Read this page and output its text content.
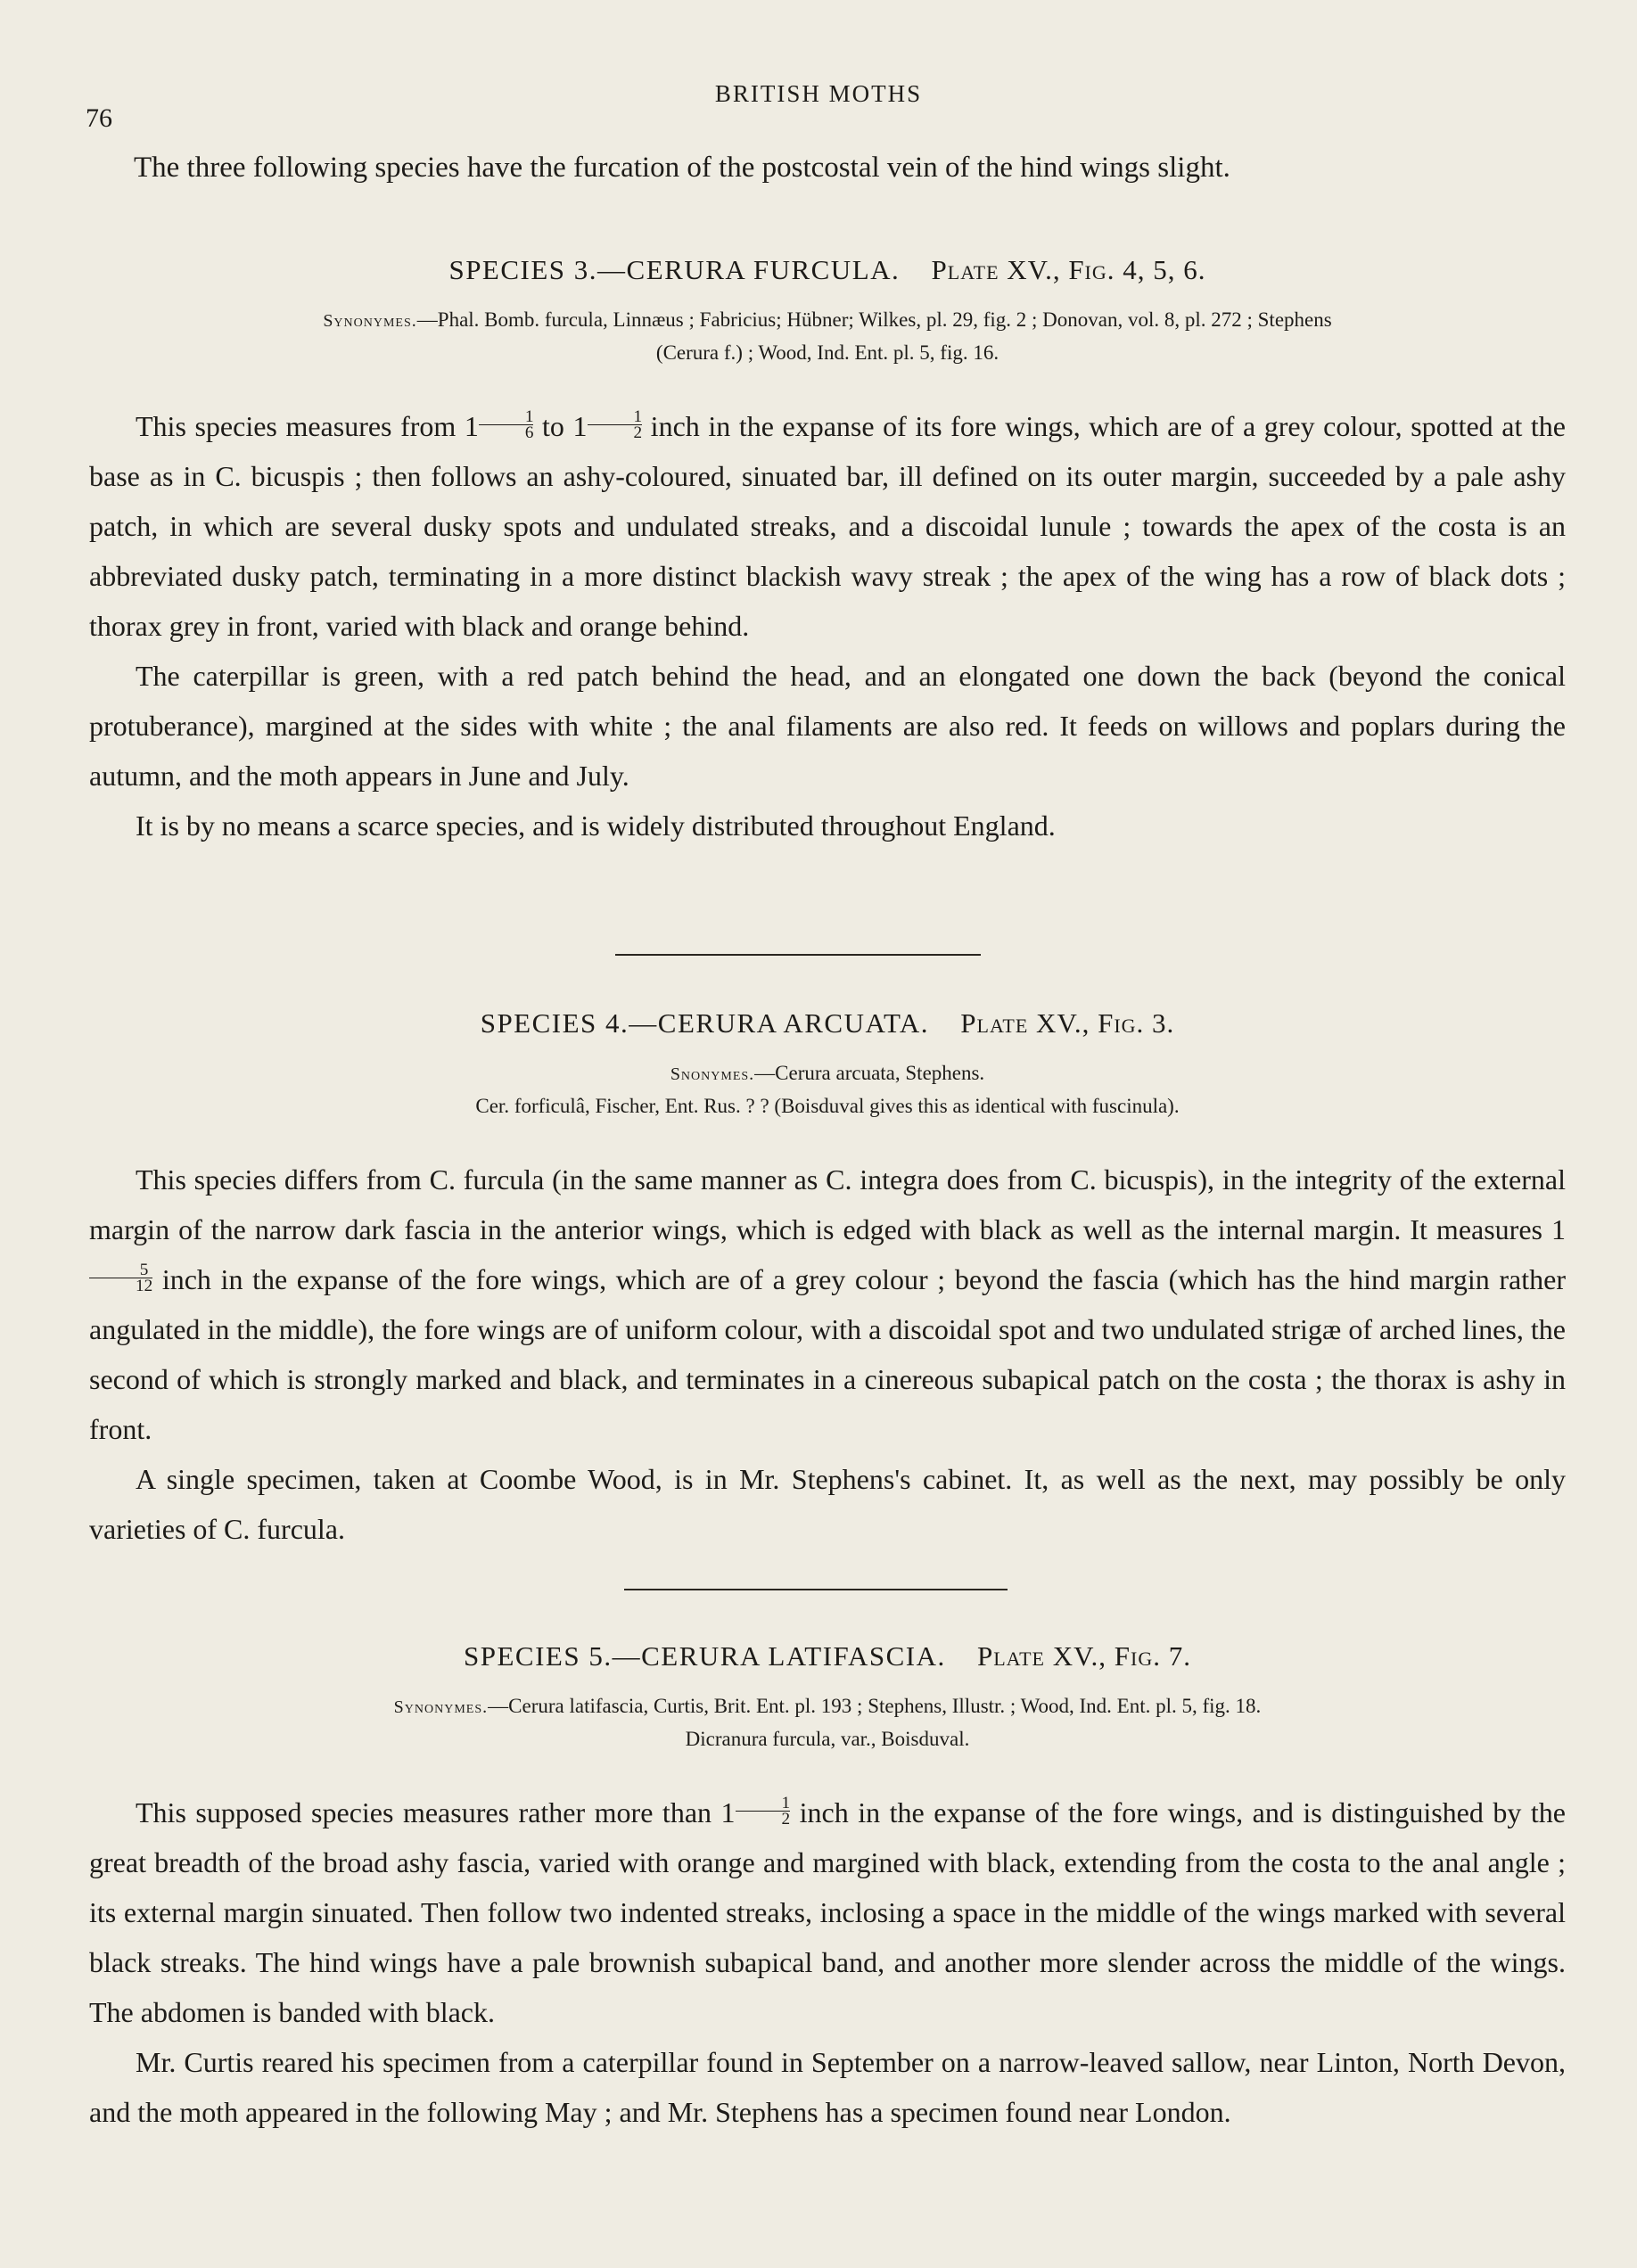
76
BRITISH MOTHS
The three following species have the furcation of the postcostal vein of the hind wings slight.
SPECIES 3.—CERURA FURCULA. Plate XV., Fig. 4, 5, 6.
Synonymes.—Phal. Bomb. furcula, Linnæus ; Fabricius; Hübner; Wilkes, pl. 29, fig. 2 ; Donovan, vol. 8, pl. 272 ; Stephens
(Cerura f.) ; Wood, Ind. Ent. pl. 5, fig. 16.

This species measures from $1 \frac{1}{6}$ to $1 \frac{1}{2}$ inch in the expanse of its fore wings, which are of a grey colour, spotted at the base as in C. bicuspis ; then follows an ashy-coloured, sinuated bar, ill defined on its outer margin, succeeded by a pale ashy patch, in which are several dusky spots and undulated streaks, and a discoidal lunule ; towards the apex of the costa is an abbreviated dusky patch, terminating in a more distinct blackish wavy streak ; the apex of the wing has a row of black dots ; thorax grey in front, varied with black and orange behind.

The caterpillar is green, with a red patch behind the head, and an elongated one down the back (beyond the conical protuberance), margined at the sides with white ; the anal filaments are also red. It feeds on willows and poplars during the autumn, and the moth appears in June and July.

It is by no means a scarce species, and is widely distributed throughout England.

SPECIES 4.—CERURA ARCUATA. Plate XV., Fig. 3.
Snonymes.—Cerura arcuata, Stephens.
Cer. forficulâ, Fischer, Ent. Rus. ? ? (Boisduval gives this as identical with fuscinula).

This species differs from C. furcula (in the same manner as C. integra does from C. bicuspis), in the integrity of the external margin of the narrow dark fascia in the anterior wings, which is edged with black as well as the internal margin. It measures 1
$\frac{5}{12}$ inch in the expanse of the fore wings, which are of a grey colour ; beyond the fascia (which has the hind margin rather angulated in the middle), the fore wings are of uniform colour, with a discoidal spot and two undulated strigæ of arched lines, the second of which is strongly marked and black, and terminates in a cinereous subapical patch on the costa ; the thorax is ashy in front.

A single specimen, taken at Coombe Wood, is in Mr. Stephens's cabinet. It, as well as the next, may possibly be only varieties of C. furcula.

SPECIES 5.—CERURA LATIFASCIA. Plate XV., Fig. 7.
Synonymes.—Cerura latifascia, Curtis, Brit. Ent. pl. 193 ; Stephens, Illustr. ; Wood, Ind. Ent. pl. 5, fig. 18.
Dicranura furcula, var., Boisduval.

This supposed species measures rather more than $1 \frac{1}{2}$ inch in the expanse of the fore wings, and is distinguished by the great breadth of the broad ashy fascia, varied with orange and margined with black, extending from the costa to the anal angle ; its external margin sinuated. Then follow two indented streaks, inclosing a space in the middle of the wings marked with several black streaks. The hind wings have a pale brownish subapical band, and another more slender across the middle of the wings. The abdomen is banded with black.

Mr. Curtis reared his specimen from a caterpillar found in September on a narrow-leaved sallow, near Linton, North Devon, and the moth appeared in the following May ; and Mr. Stephens has a specimen found near London.
